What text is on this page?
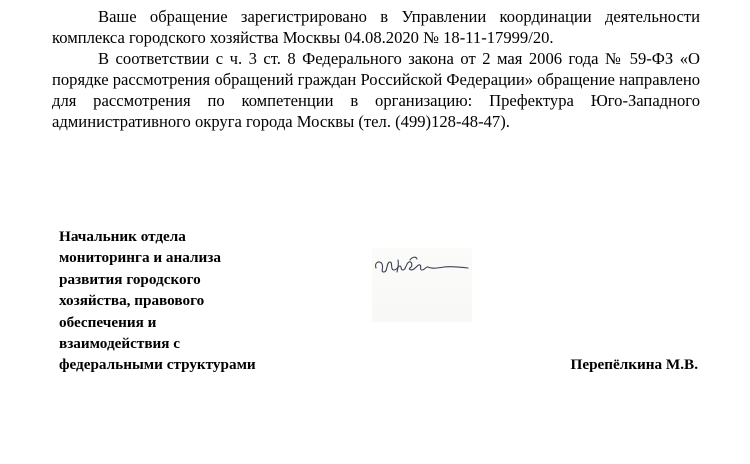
Ваше обращение зарегистрировано в Управлении координации деятельности комплекса городского хозяйства Москвы 04.08.2020 № 18-11-17999/20.

В соответствии с ч. 3 ст. 8 Федерального закона от 2 мая 2006 года № 59-ФЗ «О порядке рассмотрения обращений граждан Российской Федерации» обращение направлено для рассмотрения по компетенции в организацию: Префектура Юго-Западного административного округа города Москвы (тел. (499)128-48-47).

Начальник отдела
мониторинга и анализа
развития городского
хозяйства, правового
обеспечения и
взаимодействия с
федеральными структурами	Перепёлкина М.В.
